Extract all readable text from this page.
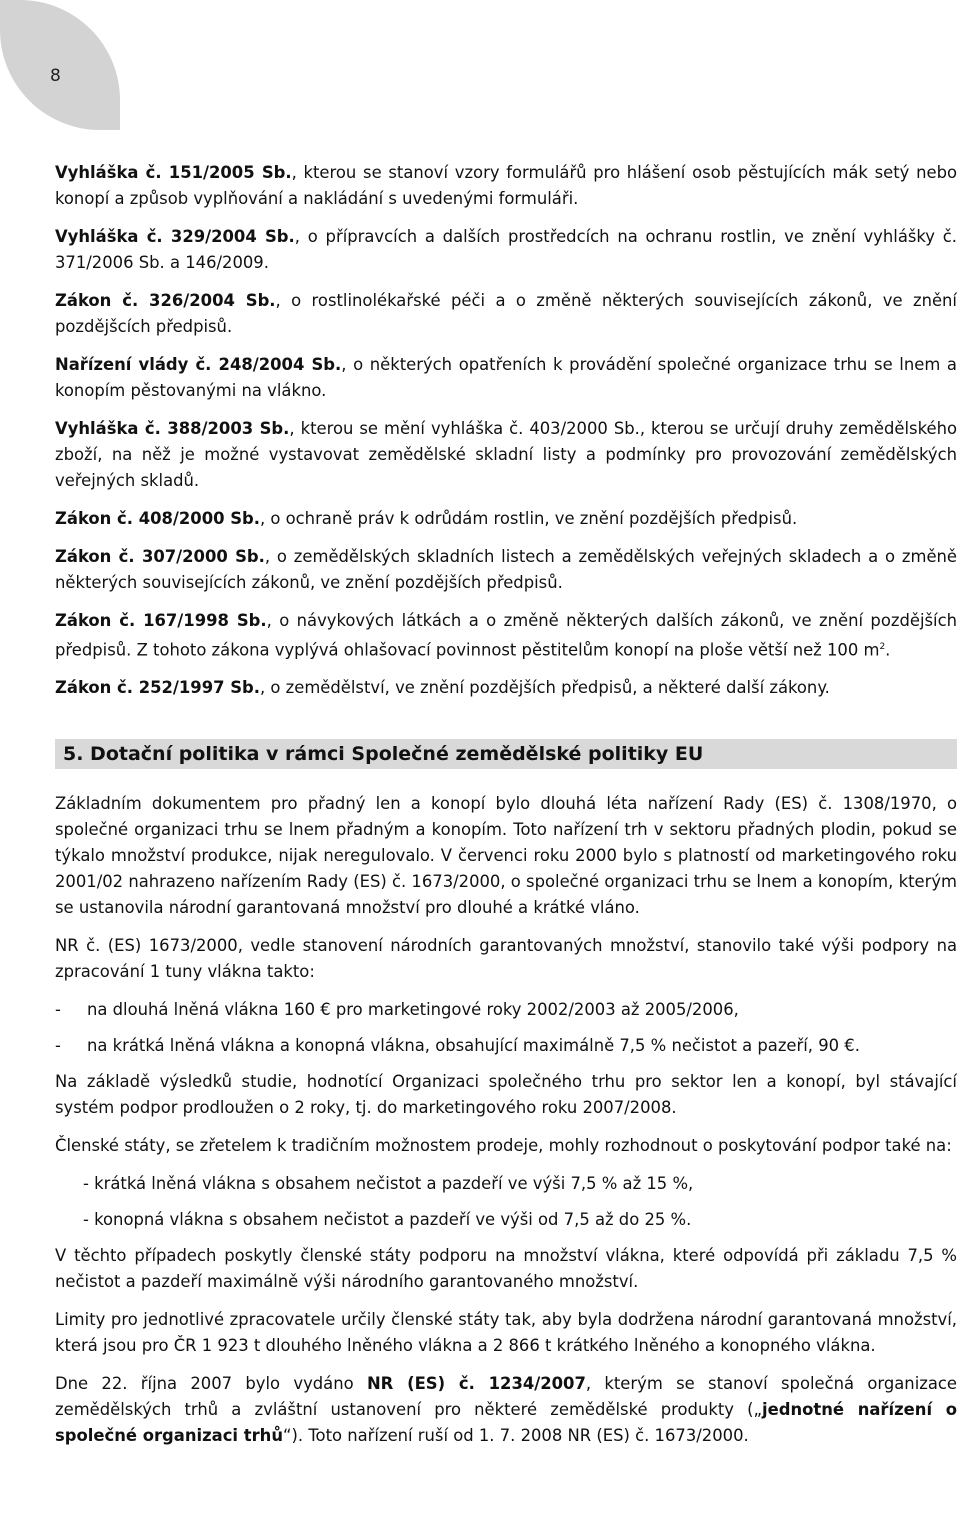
8

Vyhláška č. 151/2005 Sb., kterou se stanoví vzory formulářů pro hlášení osob pěstujících mák setý nebo konopí a způsob vyplňování a nakládání s uvedenými formuláři.

Vyhláška č. 329/2004 Sb., o přípravcích a dalších prostředcích na ochranu rostlin, ve znění vyhlášky č. 371/2006 Sb. a 146/2009.

Zákon č. 326/2004 Sb., o rostlinolékařské péči a o změně některých souvisejících zákonů, ve znění pozdějšcích předpisů.

Nařízení vlády č. 248/2004 Sb., o některých opatřeních k provádění společné organizace trhu se lnem a konopím pěstovanými na vlákno.

Vyhláška č. 388/2003 Sb., kterou se mění vyhláška č. 403/2000 Sb., kterou se určují druhy zemědělského zboží, na něž je možné vystavovat zemědělské skladní listy a podmínky pro provozování zemědělských veřejných skladů.

Zákon č. 408/2000 Sb., o ochraně práv k odrůdám rostlin, ve znění pozdějších předpisů.

Zákon č. 307/2000 Sb., o zemědělských skladních listech a zemědělských veřejných skladech a o změně některých souvisejících zákonů, ve znění pozdějších předpisů.

Zákon č. 167/1998 Sb., o návykových látkách a o změně některých dalších zákonů, ve znění pozdějších předpisů. Z tohoto zákona vyplývá ohlašovací povinnost pěstitelům konopí na ploše větší než 100 $m^2$.

Zákon č. 252/1997 Sb., o zemědělství, ve znění pozdějších předpisů, a některé další zákony.

5. Dotační politika v rámci Společné zemědělské politiky EU

Základním dokumentem pro přadný len a konopí bylo dlouhá léta nařízení Rady (ES) č. 1308/1970, o společné organizaci trhu se lnem přadným a konopím. Toto nařízení trh v sektoru přadných plodin, pokud se týkalo množství produkce, nijak neregulovalo. V červenci roku 2000 bylo s platností od marketingového roku 2001/02 nahrazeno nařízením Rady (ES) č. 1673/2000, o společné organizaci trhu se lnem a konopím, kterým se ustanovila národní garantovaná množství pro dlouhé a krátké vláno.

NR č. (ES) 1673/2000, vedle stanovení národních garantovaných množství, stanovilo také výši podpory na zpracování 1 tuny vlákna takto:

-	na dlouhá lněná vlákna 160 € pro marketingové roky 2002/2003 až 2005/2006,
-	na krátká lněná vlákna a konopná vlákna, obsahující maximálně 7,5 % nečistot a pazeří, 90 €.

Na základě výsledků studie, hodnotící Organizaci společného trhu pro sektor len a konopí, byl stávající systém podpor prodloužen o 2 roky, tj. do marketingového roku 2007/2008.

Členské státy, se zřetelem k tradičním možnostem prodeje, mohly rozhodnout o poskytování podpor také na:

- krátká lněná vlákna s obsahem nečistot a pazdeří ve výši 7,5 % až 15 %,

- konopná vlákna s obsahem nečistot a pazdeří ve výši od 7,5 až do 25 %.

V těchto případech poskytly členské státy podporu na množství vlákna, které odpovídá při základu 7,5 % nečistot a pazdeří maximálně výši národního garantovaného množství.

Limity pro jednotlivé zpracovatele určily členské státy tak, aby byla dodržena národní garantovaná množství, která jsou pro ČR 1 923 t dlouhého lněného vlákna a 2 866 t krátkého lněného a konopného vlákna.

Dne 22. října 2007 bylo vydáno NR (ES) č. 1234/2007, kterým se stanoví společná organizace zemědělských trhů a zvláštní ustanovení pro některé zemědělské produkty („jednotné nařízení o společné organizaci trhů“). Toto nařízení ruší od 1. 7. 2008 NR (ES) č. 1673/2000.
